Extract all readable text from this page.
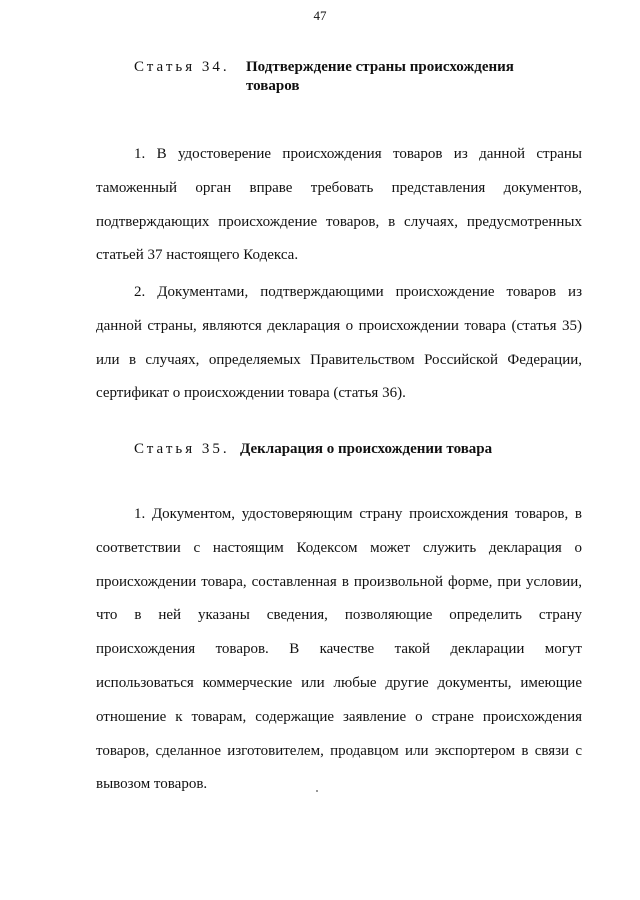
47
Статья 34. Подтверждение страны происхождения товаров

1. В удостоверение происхождения товаров из данной страны таможенный орган вправе требовать представления документов, подтверждающих происхождение товаров, в случаях, предусмотренных статьей 37 настоящего Кодекса.

2. Документами, подтверждающими происхождение товаров из данной страны, являются декларация о происхождении товара (статья 35) или в случаях, определяемых Правительством Российской Федерации, сертификат о происхождении товара (статья 36).

Статья 35. Декларация о происхождении товара

1. Документом, удостоверяющим страну происхождения товаров, в соответствии с настоящим Кодексом может служить декларация о происхождении товара, составленная в произвольной форме, при условии, что в ней указаны сведения, позволяющие определить страну происхождения товаров. В качестве такой декларации могут использоваться коммерческие или любые другие документы, имеющие отношение к товарам, содержащие заявление о стране происхождения товаров, сделанное изготовителем, продавцом или экспортером в связи с вывозом товаров.
